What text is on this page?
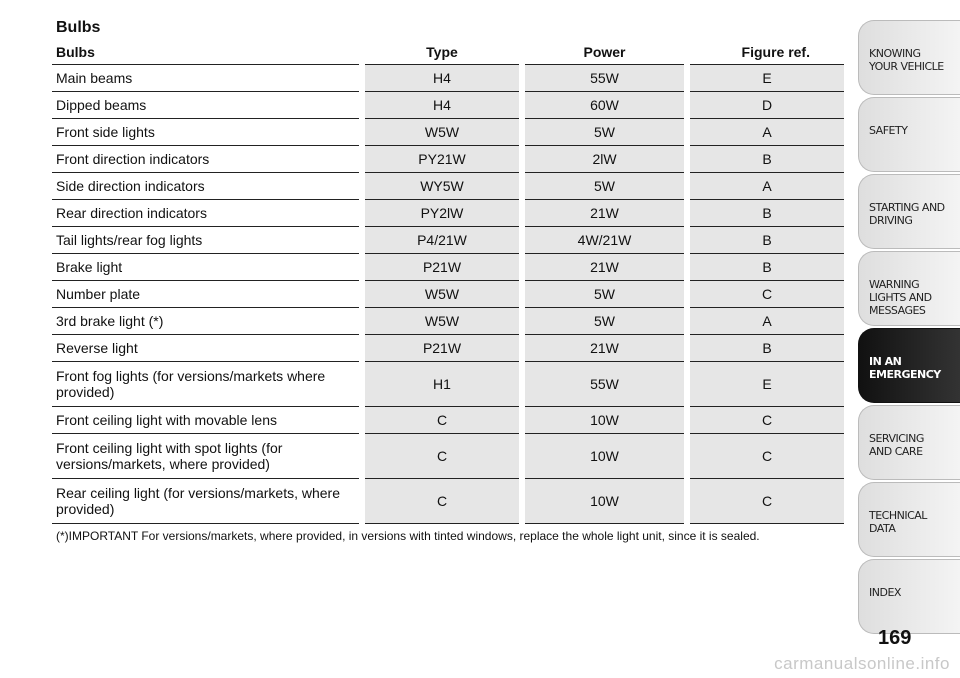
Bulbs
Bulbs	Type	Power	Figure ref.
Main beams	H4	55W	E
Dipped beams	H4	60W	D
Front side lights	W5W	5W	A
Front direction indicators	PY21W	2lW	B
Side direction indicators	WY5W	5W	A
Rear direction indicators	PY2lW	21W	B
Tail lights/rear fog lights	P4/21W	4W/21W	B
Brake light	P21W	21W	B
Number plate	W5W	5W	C
3rd brake light (*)	W5W	5W	A
Reverse light	P21W	21W	B
Front fog lights (for versions/markets where provided)	H1	55W	E
Front ceiling light with movable lens	C	10W	C
Front ceiling light with spot lights (for versions/markets, where provided)	C	10W	C
Rear ceiling light (for versions/markets, where provided)	C	10W	C

(*)IMPORTANT For versions/markets, where provided, in versions with tinted windows, replace the whole light unit, since it is sealed.

KNOWING YOUR VEHICLE
SAFETY
STARTING AND DRIVING
WARNING LIGHTS AND MESSAGES
IN AN EMERGENCY
SERVICING AND CARE
TECHNICAL DATA
INDEX

169

carmanualsonline.info
